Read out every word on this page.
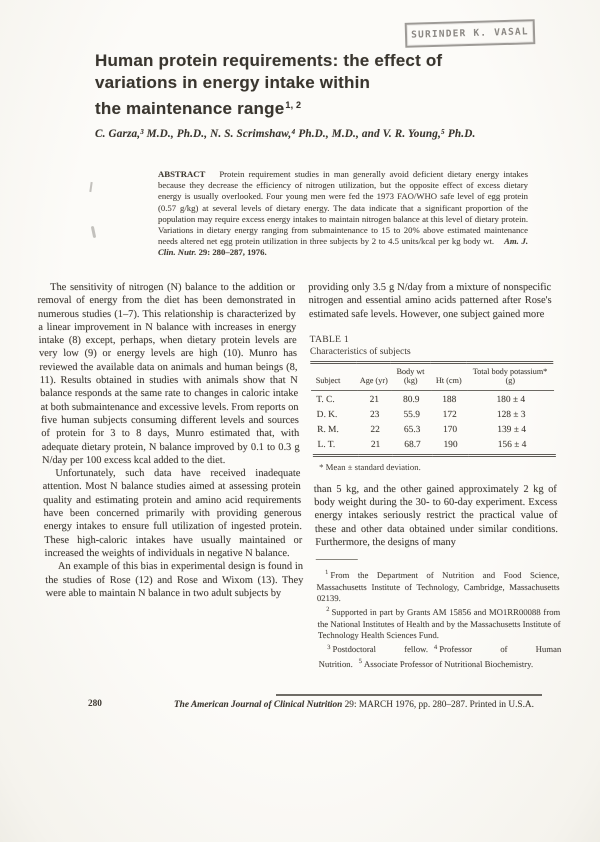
SURINDER K. VASAL
Human protein requirements: the effect of
variations in energy intake within
the maintenance range$^{1, 2}$
C. Garza,³ M.D., Ph.D., N. S. Scrimshaw,⁴ Ph.D., M.D., and V. R. Young,⁵ Ph.D.

ABSTRACT Protein requirement studies in man generally avoid deficient dietary energy intakes because they decrease the efficiency of nitrogen utilization, but the opposite effect of excess dietary energy is usually overlooked. Four young men were fed the 1973 FAO/WHO safe level of egg protein (0.57 g/kg) at several levels of dietary energy. The data indicate that a significant proportion of the population may require excess energy intakes to maintain nitrogen balance at this level of dietary protein. Variations in dietary energy ranging from submaintenance to 15 to 20% above estimated maintenance needs altered net egg protein utilization in three subjects by 2 to 4.5 units/kcal per kg body wt. Am. J. Clin. Nutr. 29: 280–287, 1976.

The sensitivity of nitrogen (N) balance to the addition or removal of energy from the diet has been demonstrated in numerous studies (1–7). This relationship is characterized by a linear improvement in N balance with increases in energy intake (8) except, perhaps, when dietary protein levels are very low (9) or energy levels are high (10). Munro has reviewed the available data on animals and human beings (8, 11). Results obtained in studies with animals show that N balance responds at the same rate to changes in caloric intake at both submaintenance and excessive levels. From reports on five human subjects consuming different levels and sources of protein for 3 to 8 days, Munro estimated that, with adequate dietary protein, N balance improved by 0.1 to 0.3 g N/day per 100 excess kcal added to the diet.

Unfortunately, such data have received inadequate attention. Most N balance studies aimed at assessing protein quality and estimating protein and amino acid requirements have been concerned primarily with providing generous energy intakes to ensure full utilization of ingested protein. These high-caloric intakes have usually maintained or increased the weights of individuals in negative N balance.

An example of this bias in experimental design is found in the studies of Rose (12) and Rose and Wixom (13). They were able to maintain N balance in two adult subjects by

providing only 3.5 g N/day from a mixture of nonspecific nitrogen and essential amino acids patterned after Rose's estimated safe levels. However, one subject gained more

TABLE 1
Characteristics of subjects
Subject	Age (yr)	Body wt (kg)	Ht (cm)	Total body potassium* (g)
T. C.	21	80.9	188	180 ± 4
D. K.	23	55.9	172	128 ± 3
R. M.	22	65.3	170	139 ± 4
L. T.	21	68.7	190	156 ± 4
* Mean ± standard deviation.

than 5 kg, and the other gained approximately 2 kg of body weight during the 30- to 60-day experiment. Excess energy intakes seriously restrict the practical value of these and other data obtained under similar conditions. Furthermore, the designs of many

$^1$ From the Department of Nutrition and Food Science, Massachusetts Institute of Technology, Cambridge, Massachusetts 02139.

$^2$ Supported in part by Grants AM 15856 and MO1RR00088 from the National Institutes of Health and by the Massachusetts Institute of Technology Health Sciences Fund.

$^3$ Postdoctoral fellow. $^4$ Professor of Human Nutrition. $^5$ Associate Professor of Nutritional Biochemistry.

280	The American Journal of Clinical Nutrition 29: MARCH 1976, pp. 280–287. Printed in U.S.A.
